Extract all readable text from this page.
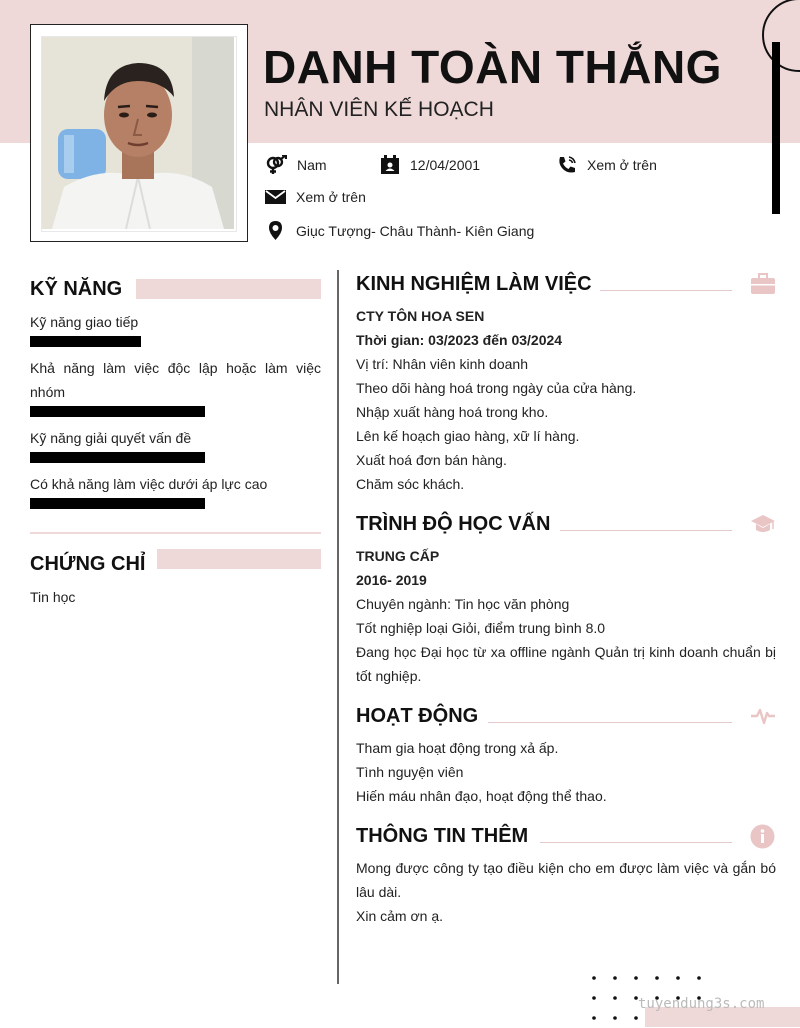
DANH TOÀN THẮNG
NHÂN VIÊN KẾ HOẠCH
Nam	12/04/2001	Xem ở trên
Xem ở trên
Giục Tượng- Châu Thành- Kiên Giang
KỸ NĂNG
Kỹ năng giao tiếp
Khả năng làm việc độc lập hoặc làm việc nhóm
Kỹ năng giải quyết vấn đề
Có khả năng làm việc dưới áp lực cao
CHỨNG CHỈ
Tin học
KINH NGHIỆM LÀM VIỆC
CTY TÔN HOA SEN
Thời gian: 03/2023 đến 03/2024
Vị trí: Nhân viên kinh doanh
Theo dõi hàng hoá trong ngày của cửa hàng.
Nhập xuất hàng hoá trong kho.
Lên kế hoạch giao hàng, xữ lí hàng.
Xuất hoá đơn bán hàng.
Chăm sóc khách.
TRÌNH ĐỘ HỌC VẤN
TRUNG CẤP
2016- 2019
Chuyên ngành: Tin học văn phòng
Tốt nghiệp loại Giỏi, điểm trung bình 8.0
Đang học Đại học từ xa offline ngành Quản trị kinh doanh chuẩn bị tốt nghiệp.
HOẠT ĐỘNG
Tham gia hoạt động trong xả ấp.
Tình nguyện viên
Hiến máu nhân đạo, hoạt động thể thao.
THÔNG TIN THÊM
Mong được công ty tạo điều kiện cho em được làm việc và gắn bó lâu dài.
Xin cảm ơn ạ.
tuyendung3s.com
